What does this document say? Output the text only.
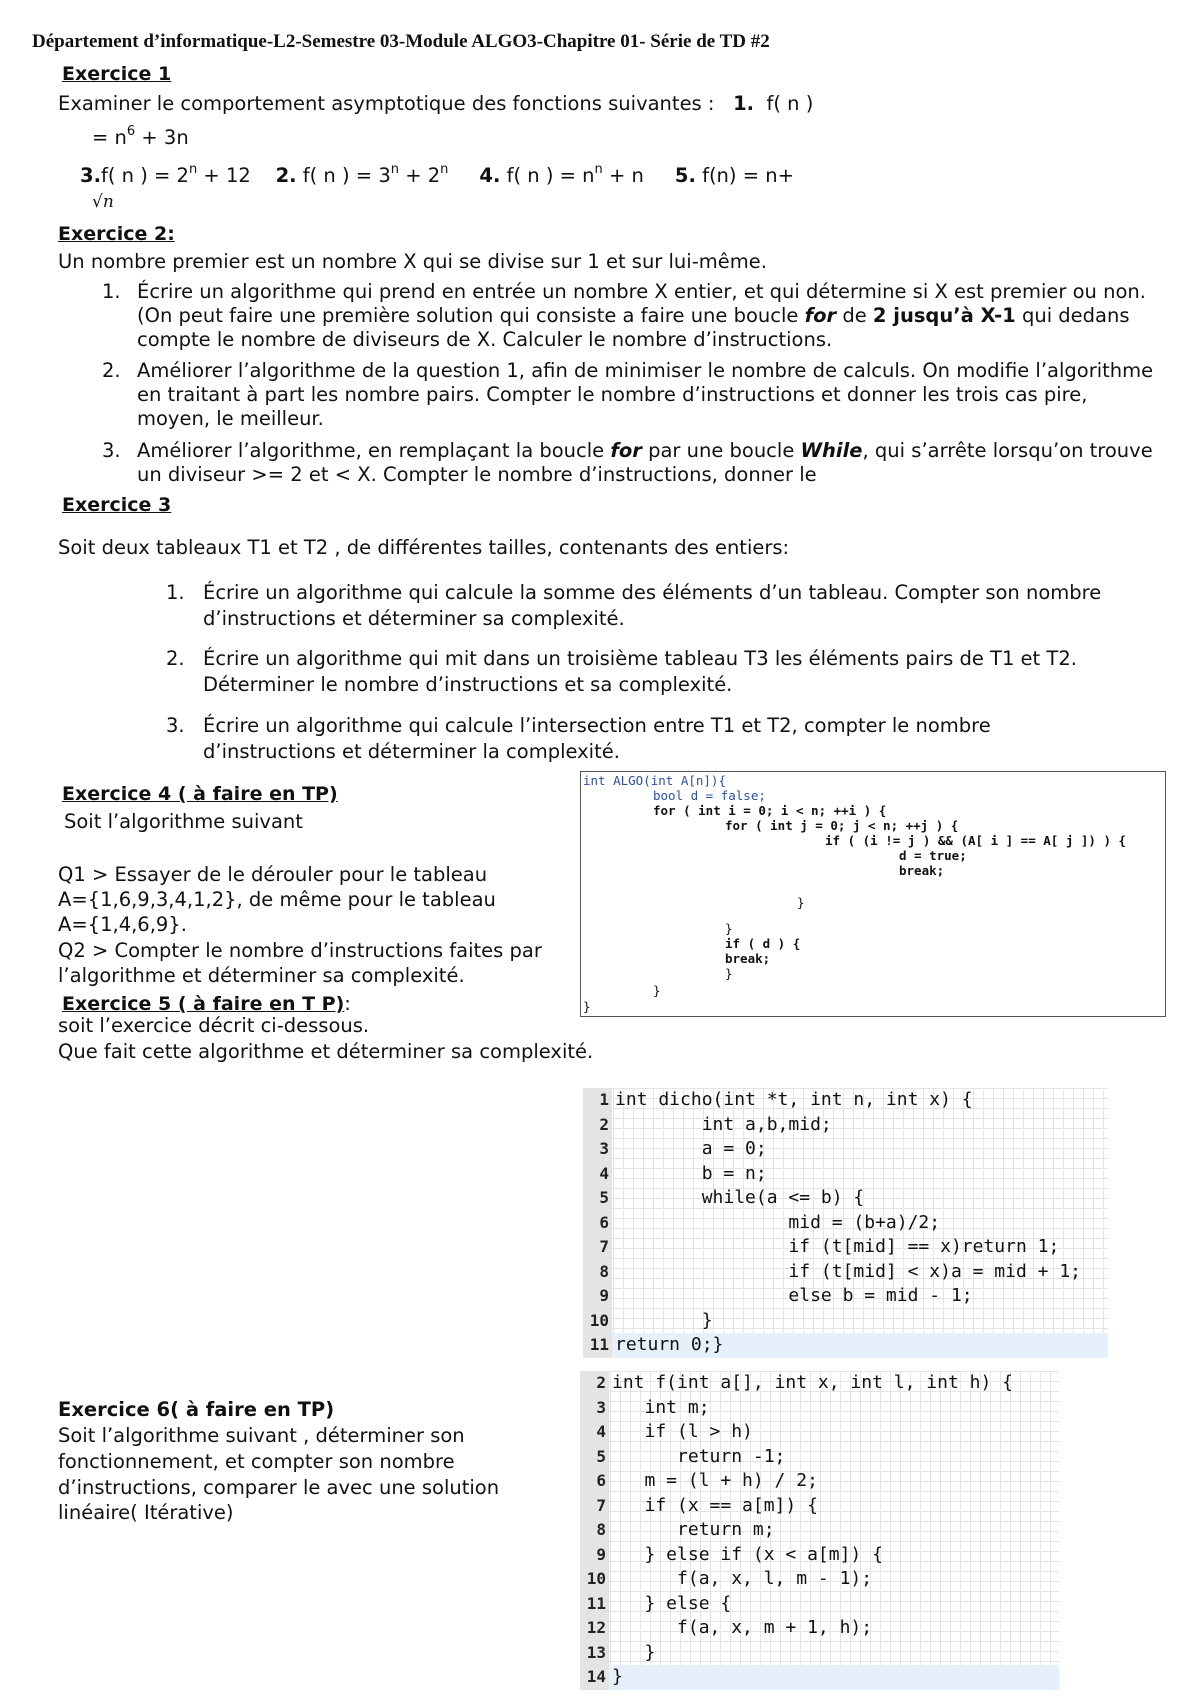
Département d’informatique-L2-Semestre 03-Module ALGO3-Chapitre 01- Série de TD #2
Exercice 1
Examiner le comportement asymptotique des fonctions suivantes : 1. f( n )
= $n^6 + 3n$
3.f( n ) = $2^n + 12$ 2. f( n ) = $3^n + 2^n$ 4. f( n ) = $n^n + n$ 5. f(n) = n+
√n
Exercice 2:
Un nombre premier est un nombre X qui se divise sur 1 et sur lui-même.
1. Écrire un algorithme qui prend en entrée un nombre X entier, et qui détermine si X est premier ou non.
(On peut faire une première solution qui consiste a faire une boucle for de 2 jusqu’à X-1 qui dedans
compte le nombre de diviseurs de X. Calculer le nombre d’instructions.
2. Améliorer l’algorithme de la question 1, afin de minimiser le nombre de calculs. On modifie l’algorithme
en traitant à part les nombre pairs. Compter le nombre d’instructions et donner les trois cas pire,
moyen, le meilleur.
3. Améliorer l’algorithme, en remplaçant la boucle for par une boucle While, qui s’arrête lorsqu’on trouve
un diviseur >= 2 et < X. Compter le nombre d’instructions, donner le
Exercice 3
Soit deux tableaux T1 et T2 , de différentes tailles, contenants des entiers:
1. Écrire un algorithme qui calcule la somme des éléments d’un tableau. Compter son nombre
d’instructions et déterminer sa complexité.
2. Écrire un algorithme qui mit dans un troisième tableau T3 les éléments pairs de T1 et T2.
Déterminer le nombre d’instructions et sa complexité.
3. Écrire un algorithme qui calcule l’intersection entre T1 et T2, compter le nombre
d’instructions et déterminer la complexité.
Exercice 4 ( à faire en TP)
Soit l’algorithme suivant
Q1 > Essayer de le dérouler pour le tableau
A={1,6,9,3,4,1,2}, de même pour le tableau
A={1,4,6,9}.
Q2 > Compter le nombre d’instructions faites par
l’algorithme et déterminer sa complexité.

int ALGO(int A[n]){

bool d = false;

for ( int i = 0; i < n; ++i ) {

for ( int j = 0; j < n; ++j ) {

if ( (i != j ) && (A[ i ] == A[ j ]) ) {

d = true;

break;

}

}

if ( d ) {

break;

}

}

}

Exercice 5 ( à faire en T P):
soit l’exercice décrit ci-dessous.
Que fait cette algorithme et déterminer sa complexité.
1 int dicho(int *t, int n, int x) {
2 int a,b,mid;
3 a = 0;
4 b = n;
5 while(a <= b) {
6 mid = (b+a)/2;
7 if (t[mid] == x)return 1;
8 if (t[mid] < x)a = mid + 1;
9 else b = mid - 1;
10 }
11 return 0;}
Exercice 6( à faire en TP)
Soit l’algorithme suivant , déterminer son
fonctionnement, et compter son nombre
d’instructions, comparer le avec une solution
linéaire( Itérative)
2 int f(int a[], int x, int l, int h) {
3 int m;
4 if (l > h)
5 return -1;
6 m = (l + h) / 2;
7 if (x == a[m]) {
8 return m;
9 } else if (x < a[m]) {
10 f(a, x, l, m - 1);
11 } else {
12 f(a, x, m + 1, h);
13 }
14 }
